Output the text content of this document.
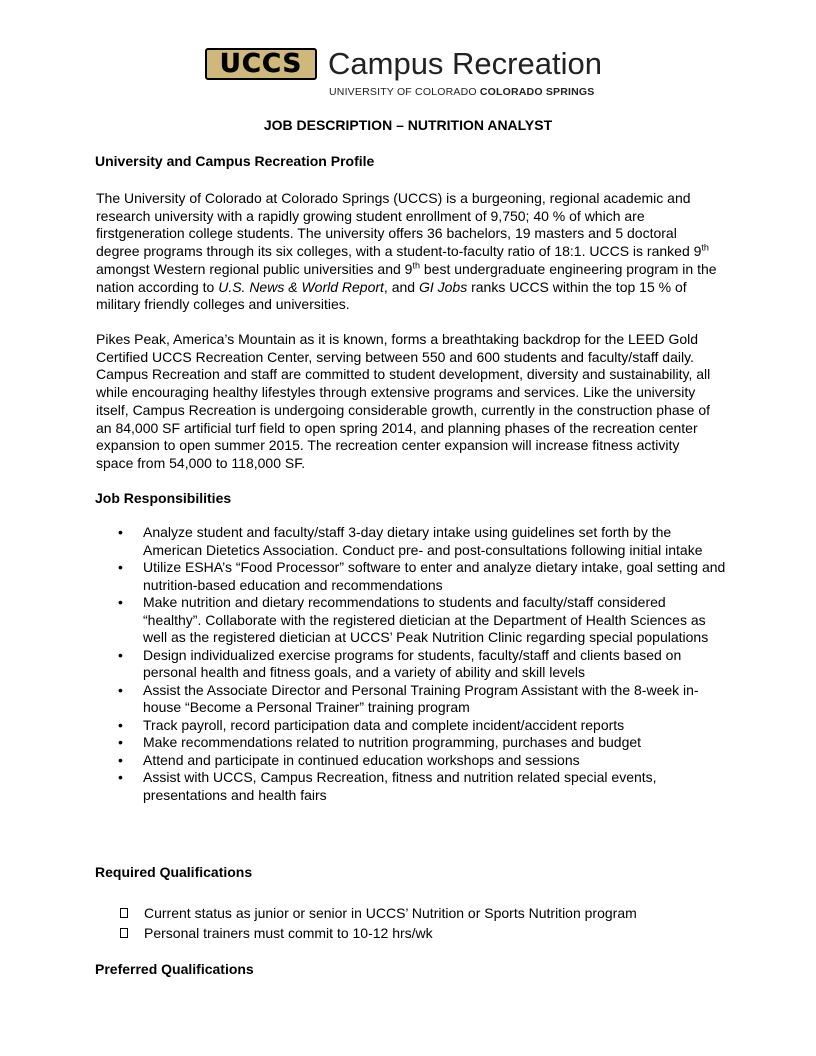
UCCS Campus Recreation
UNIVERSITY OF COLORADO COLORADO SPRINGS
JOB DESCRIPTION – NUTRITION ANALYST
University and Campus Recreation Profile

The University of Colorado at Colorado Springs (UCCS) is a burgeoning, regional academic and research university with a rapidly growing student enrollment of 9,750; 40 % of which are firstgeneration college students. The university offers 36 bachelors, 19 masters and 5 doctoral degree programs through its six colleges, with a student-to-faculty ratio of 18:1. UCCS is ranked 9th amongst Western regional public universities and 9th best undergraduate engineering program in the nation according to U.S. News & World Report, and GI Jobs ranks UCCS within the top 15 % of military friendly colleges and universities.

Pikes Peak, America’s Mountain as it is known, forms a breathtaking backdrop for the LEED Gold Certified UCCS Recreation Center, serving between 550 and 600 students and faculty/staff daily. Campus Recreation and staff are committed to student development, diversity and sustainability, all while encouraging healthy lifestyles through extensive programs and services. Like the university itself, Campus Recreation is undergoing considerable growth, currently in the construction phase of an 84,000 SF artificial turf field to open spring 2014, and planning phases of the recreation center expansion to open summer 2015. The recreation center expansion will increase fitness activity space from 54,000 to 118,000 SF.

Job Responsibilities
• Analyze student and faculty/staff 3-day dietary intake using guidelines set forth by the American Dietetics Association. Conduct pre- and post-consultations following initial intake
• Utilize ESHA’s “Food Processor” software to enter and analyze dietary intake, goal setting and nutrition-based education and recommendations
• Make nutrition and dietary recommendations to students and faculty/staff considered “healthy”. Collaborate with the registered dietician at the Department of Health Sciences as well as the registered dietician at UCCS’ Peak Nutrition Clinic regarding special populations
• Design individualized exercise programs for students, faculty/staff and clients based on personal health and fitness goals, and a variety of ability and skill levels
• Assist the Associate Director and Personal Training Program Assistant with the 8-week in-house “Become a Personal Trainer” training program
• Track payroll, record participation data and complete incident/accident reports
• Make recommendations related to nutrition programming, purchases and budget
• Attend and participate in continued education workshops and sessions
• Assist with UCCS, Campus Recreation, fitness and nutrition related special events, presentations and health fairs
Required Qualifications
Current status as junior or senior in UCCS’ Nutrition or Sports Nutrition program
Personal trainers must commit to 10-12 hrs/wk
Preferred Qualifications
